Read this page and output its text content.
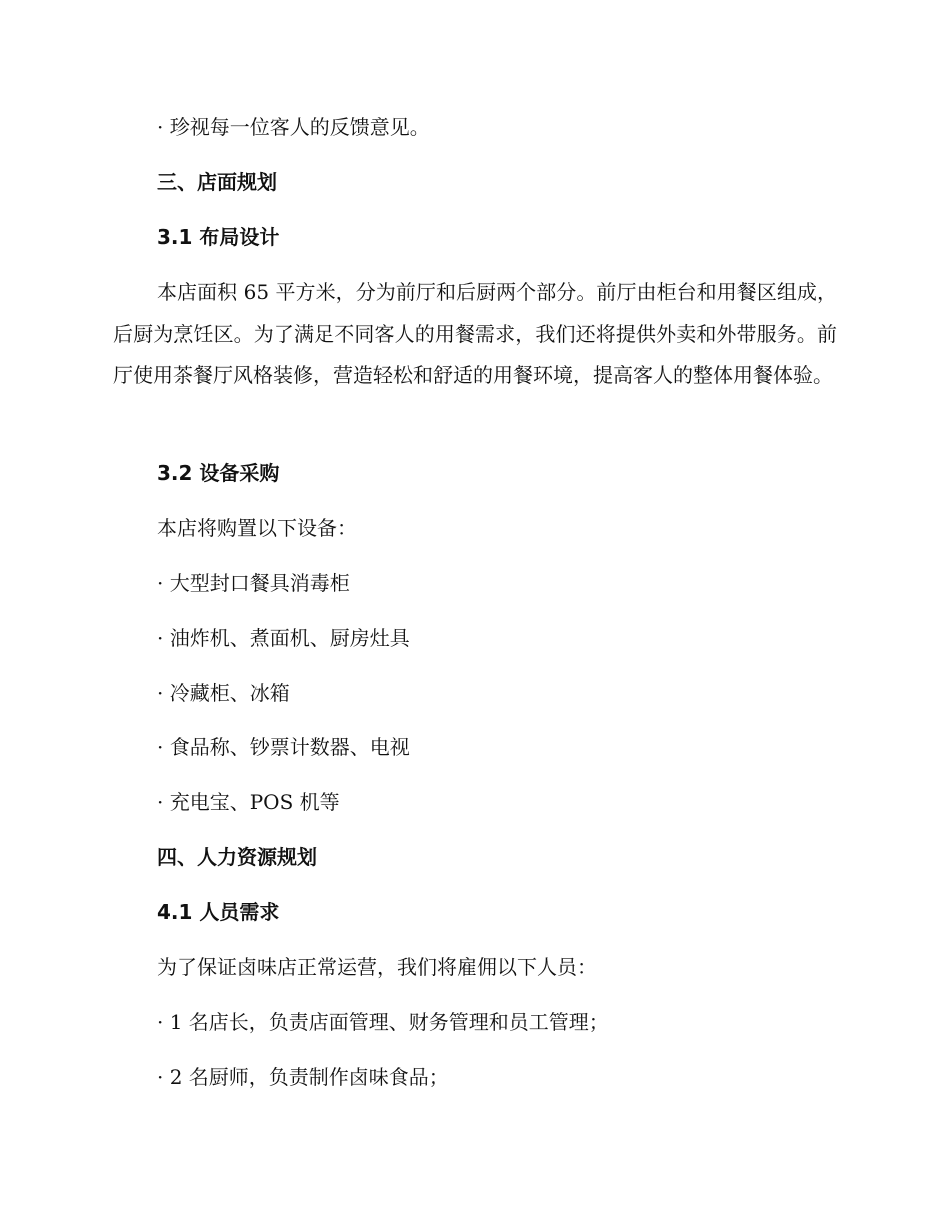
· 珍视每一位客人的反馈意见。
三、店面规划
3.1 布局设计
本店面积 65 平方米，分为前厅和后厨两个部分。前厅由柜台和用餐区组成，后厨为烹饪区。为了满足不同客人的用餐需求，我们还将提供外卖和外带服务。前厅使用茶餐厅风格装修，营造轻松和舒适的用餐环境，提高客人的整体用餐体验。
3.2 设备采购
本店将购置以下设备：
· 大型封口餐具消毒柜
· 油炸机、煮面机、厨房灶具
· 冷藏柜、冰箱
· 食品称、钞票计数器、电视
· 充电宝、POS 机等
四、人力资源规划
4.1 人员需求
为了保证卤味店正常运营，我们将雇佣以下人员：
· 1 名店长，负责店面管理、财务管理和员工管理；
· 2 名厨师，负责制作卤味食品；
